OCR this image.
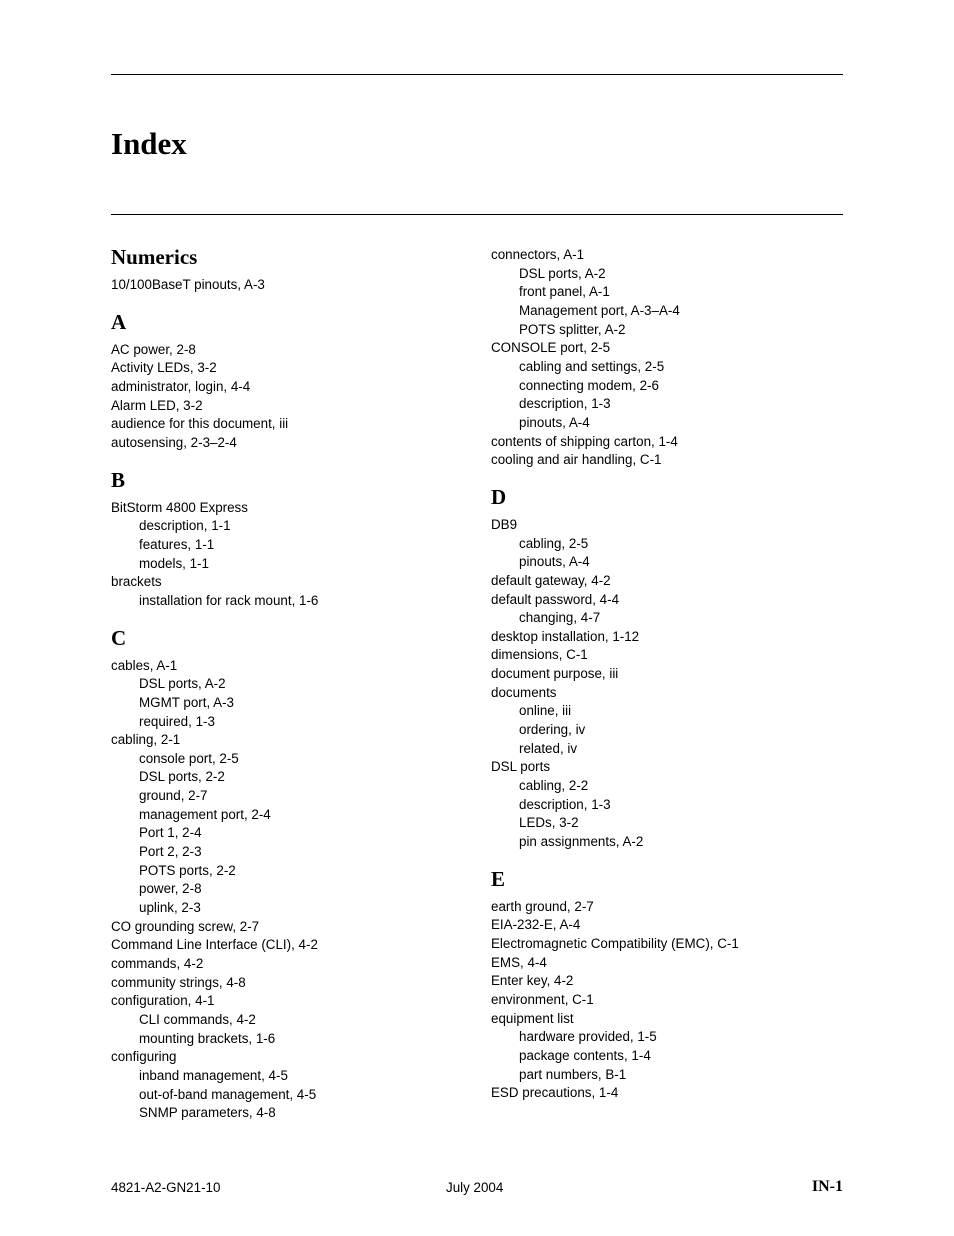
Index
Numerics
10/100BaseT pinouts, A-3
A
AC power, 2-8
Activity LEDs, 3-2
administrator, login, 4-4
Alarm LED, 3-2
audience for this document, iii
autosensing, 2-3–2-4
B
BitStorm 4800 Express
description, 1-1
features, 1-1
models, 1-1
brackets
installation for rack mount, 1-6
C
cables, A-1
DSL ports, A-2
MGMT port, A-3
required, 1-3
cabling, 2-1
console port, 2-5
DSL ports, 2-2
ground, 2-7
management port, 2-4
Port 1, 2-4
Port 2, 2-3
POTS ports, 2-2
power, 2-8
uplink, 2-3
CO grounding screw, 2-7
Command Line Interface (CLI), 4-2
commands, 4-2
community strings, 4-8
configuration, 4-1
CLI commands, 4-2
mounting brackets, 1-6
configuring
inband management, 4-5
out-of-band management, 4-5
SNMP parameters, 4-8
connectors, A-1
DSL ports, A-2
front panel, A-1
Management port, A-3–A-4
POTS splitter, A-2
CONSOLE port, 2-5
cabling and settings, 2-5
connecting modem, 2-6
description, 1-3
pinouts, A-4
contents of shipping carton, 1-4
cooling and air handling, C-1
D
DB9
cabling, 2-5
pinouts, A-4
default gateway, 4-2
default password, 4-4
changing, 4-7
desktop installation, 1-12
dimensions, C-1
document purpose, iii
documents
online, iii
ordering, iv
related, iv
DSL ports
cabling, 2-2
description, 1-3
LEDs, 3-2
pin assignments, A-2
E
earth ground, 2-7
EIA-232-E, A-4
Electromagnetic Compatibility (EMC), C-1
EMS, 4-4
Enter key, 4-2
environment, C-1
equipment list
hardware provided, 1-5
package contents, 1-4
part numbers, B-1
ESD precautions, 1-4
4821-A2-GN21-10	July 2004	IN-1
